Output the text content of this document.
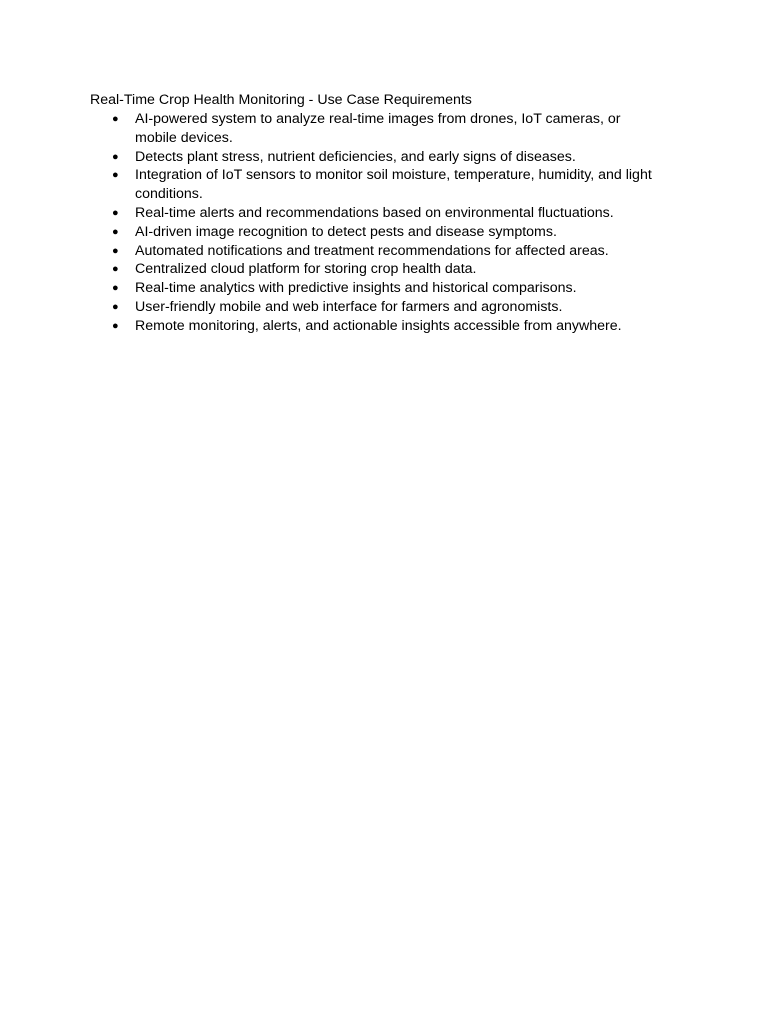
Real-Time Crop Health Monitoring - Use Case Requirements

● AI-powered system to analyze real-time images from drones, IoT cameras, or mobile devices.
● Detects plant stress, nutrient deficiencies, and early signs of diseases.
● Integration of IoT sensors to monitor soil moisture, temperature, humidity, and light conditions.
● Real-time alerts and recommendations based on environmental fluctuations.
● AI-driven image recognition to detect pests and disease symptoms.
● Automated notifications and treatment recommendations for affected areas.
● Centralized cloud platform for storing crop health data.
● Real-time analytics with predictive insights and historical comparisons.
● User-friendly mobile and web interface for farmers and agronomists.
● Remote monitoring, alerts, and actionable insights accessible from anywhere.
